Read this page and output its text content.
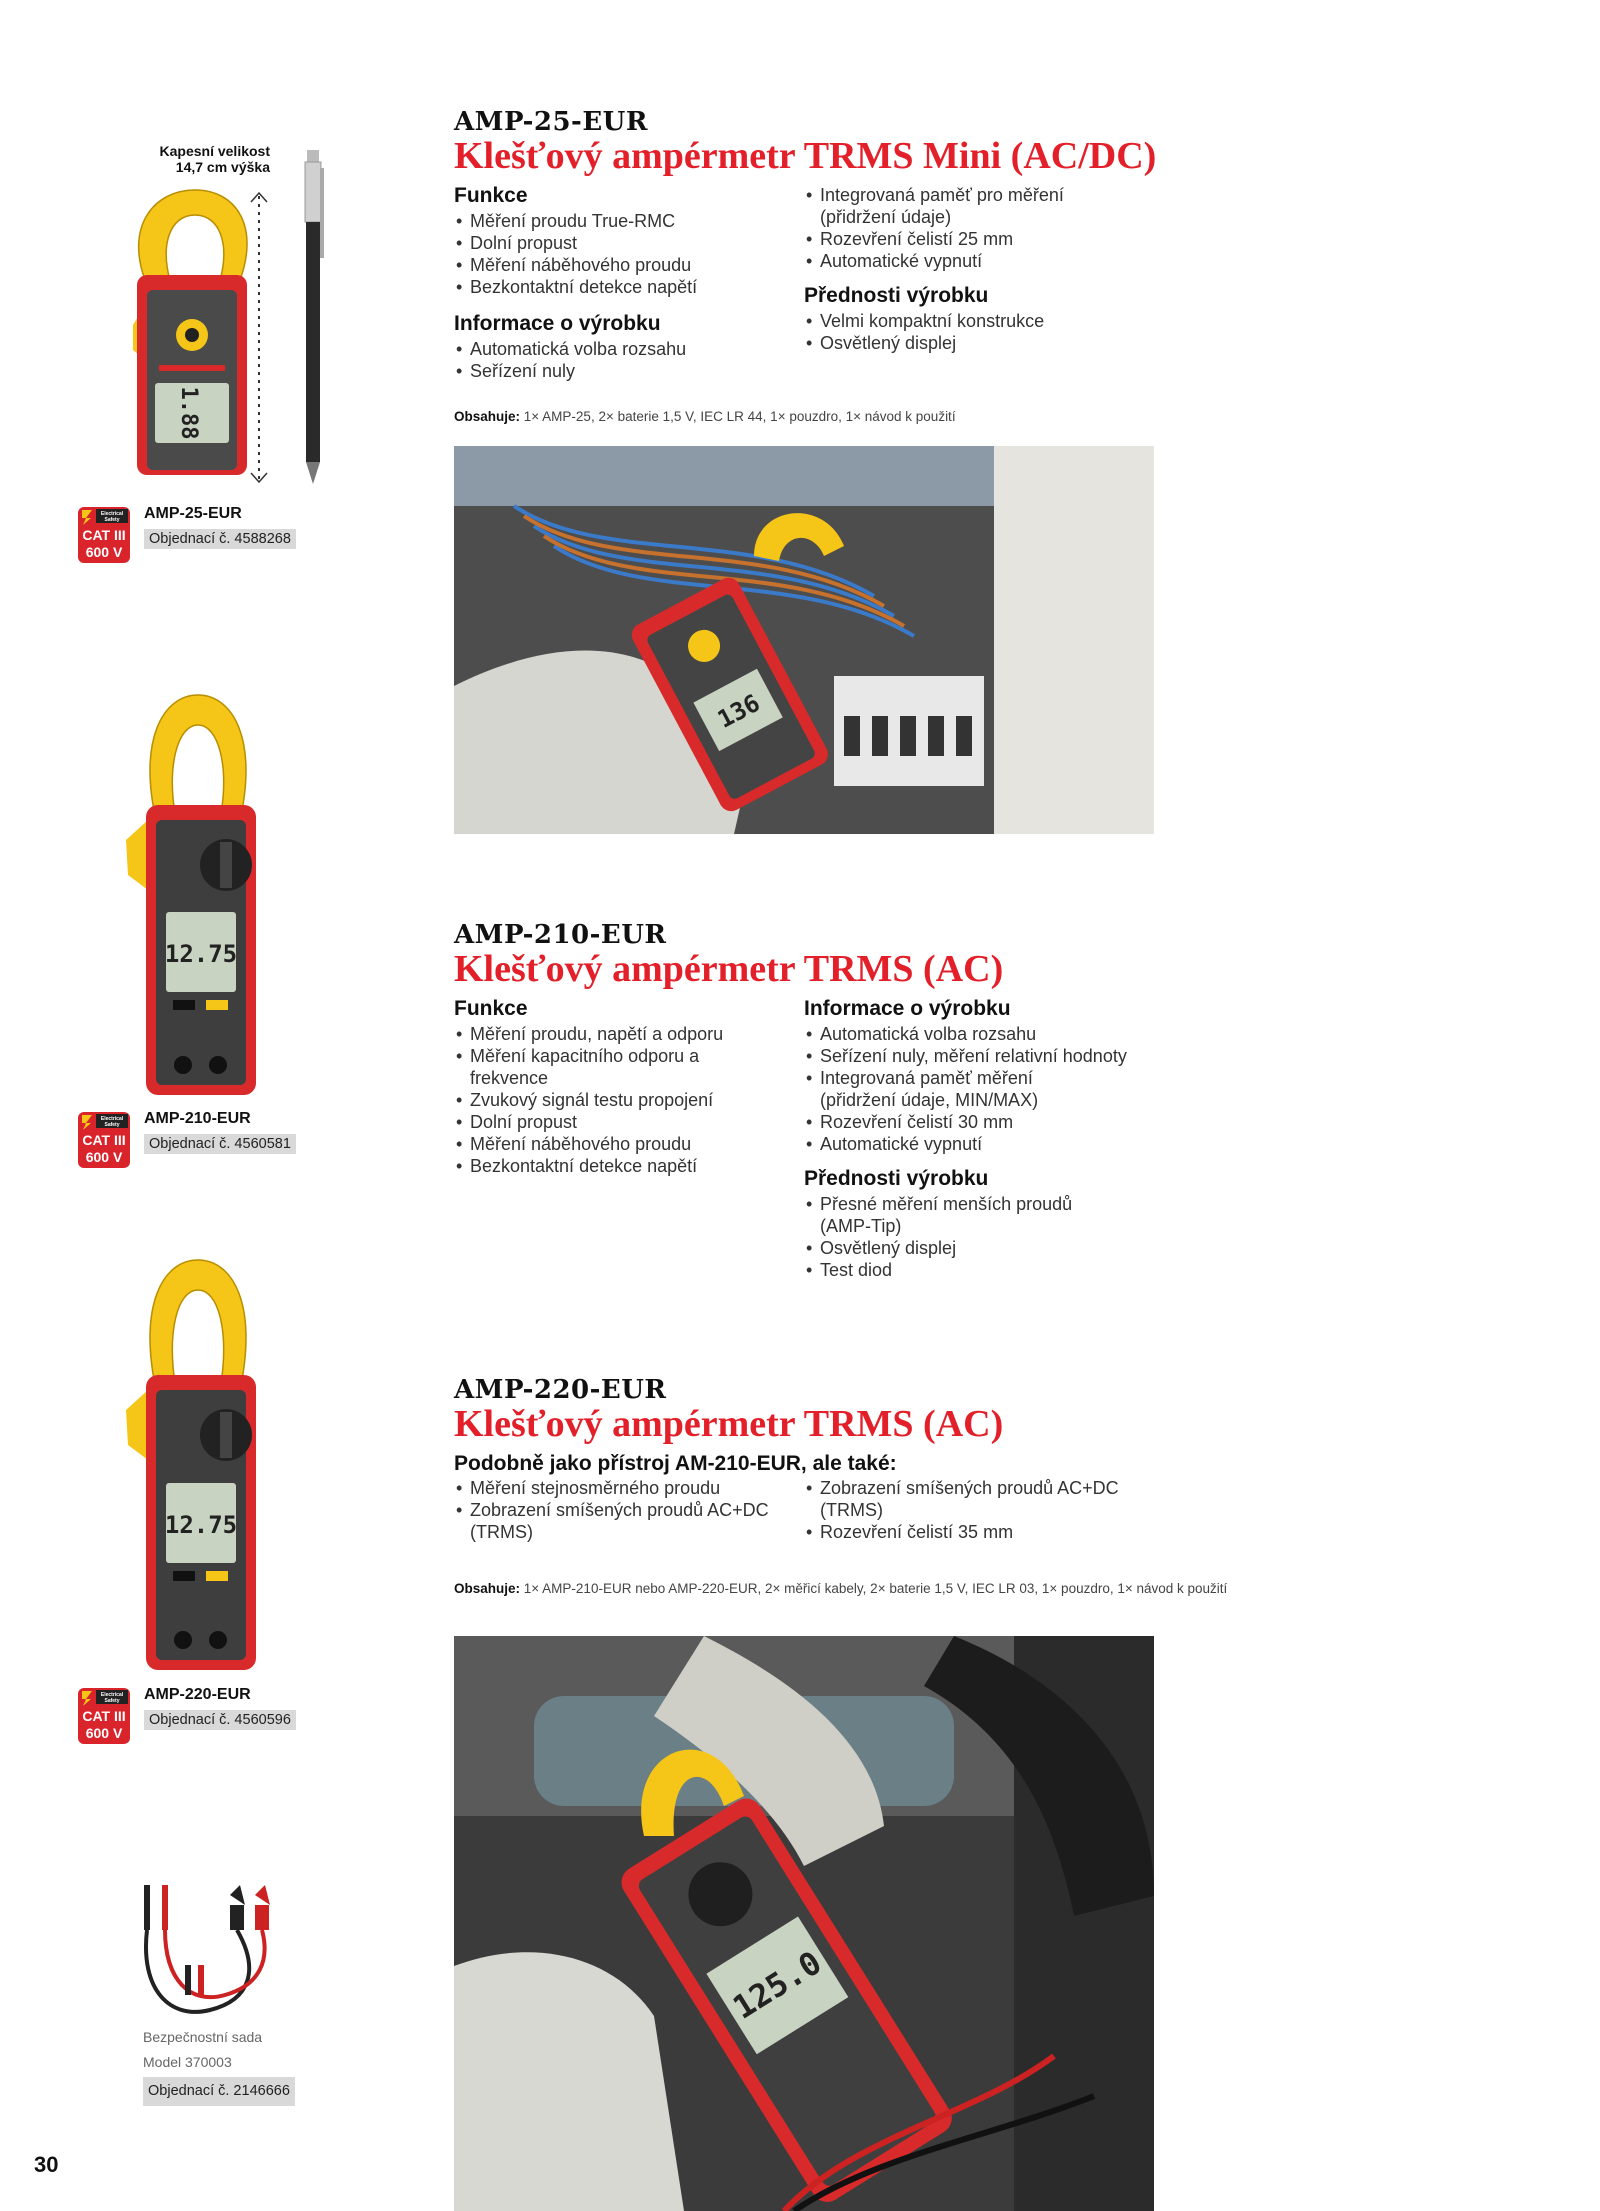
Kapesní velikost
14,7 cm výška
1.88
Electrical
Safety
CAT III
600 V
AMP-25-EUR
Objednací č. 4588268
12.75
Electrical
Safety
CAT III
600 V
AMP-210-EUR
Objednací č. 4560581
12.75
Electrical
Safety
CAT III
600 V
AMP-220-EUR
Objednací č. 4560596
Bezpečnostní sada
Model 370003
Objednací č. 2146666
30
AMP-25-EUR
Klešťový ampérmetr TRMS Mini (AC/DC)
Funkce
• Měření proudu True-RMC
• Dolní propust
• Měření náběhového proudu
• Bezkontaktní detekce napětí
Informace o výrobku
• Automatická volba rozsahu
• Seřízení nuly
• Integrovaná paměť pro měření (přidržení údaje)
• Rozevření čelistí 25 mm
• Automatické vypnutí
Přednosti výrobku
• Velmi kompaktní konstrukce
• Osvětlený displej
Obsahuje: 1× AMP-25, 2× baterie 1,5 V, IEC LR 44, 1× pouzdro, 1× návod k použití
136
AMP-210-EUR
Klešťový ampérmetr TRMS (AC)
Funkce
• Měření proudu, napětí a odporu
• Měření kapacitního odporu a frekvence
• Zvukový signál testu propojení
• Dolní propust
• Měření náběhového proudu
• Bezkontaktní detekce napětí
Informace o výrobku
• Automatická volba rozsahu
• Seřízení nuly, měření relativní hodnoty
• Integrovaná paměť měření (přidržení údaje, MIN/MAX)
• Rozevření čelistí 30 mm
• Automatické vypnutí
Přednosti výrobku
• Přesné měření menších proudů (AMP-Tip)
• Osvětlený displej
• Test diod
AMP-220-EUR
Klešťový ampérmetr TRMS (AC)
Podobně jako přístroj AM-210-EUR, ale také:
• Měření stejnosměrného proudu
• Zobrazení smíšených proudů AC+DC (TRMS)
• Zobrazení smíšených proudů AC+DC (TRMS)
• Rozevření čelistí 35 mm
Obsahuje: 1× AMP-210-EUR nebo AMP-220-EUR, 2× měřicí kabely, 2× baterie 1,5 V, IEC LR 03, 1× pouzdro, 1× návod k použití
125.0
